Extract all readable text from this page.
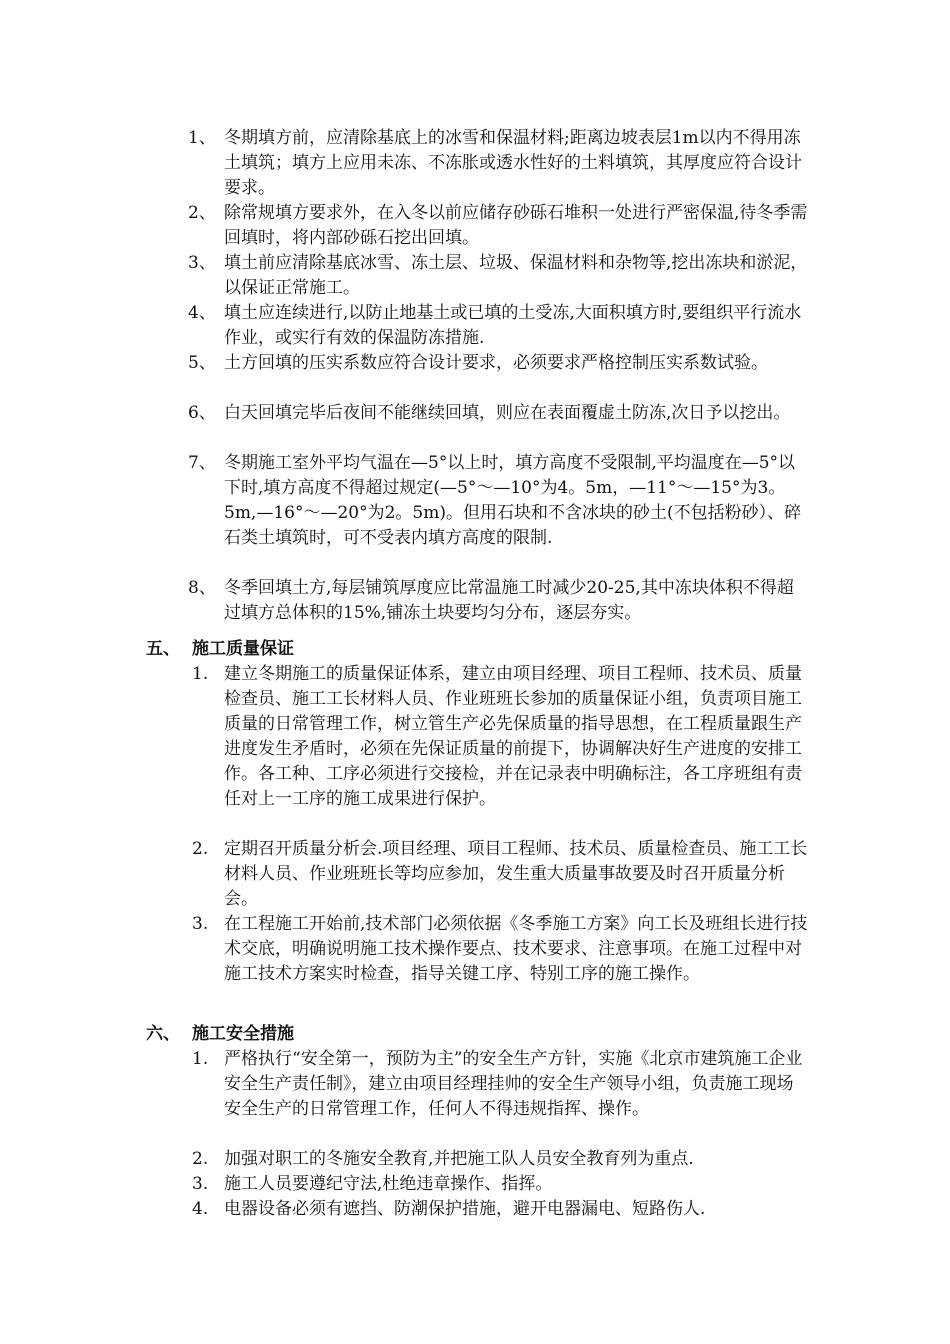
1、 冬期填方前，应清除基底上的冰雪和保温材料;距离边坡表层1m以内不得用冻土填筑；填方上应用未冻、不冻胀或透水性好的土料填筑，其厚度应符合设计要求。
2、 除常规填方要求外，在入冬以前应储存砂砾石堆积一处进行严密保温,待冬季需回填时，将内部砂砾石挖出回填。
3、 填土前应清除基底冰雪、冻土层、垃圾、保温材料和杂物等,挖出冻块和淤泥，以保证正常施工。
4、 填土应连续进行,以防止地基土或已填的土受冻,大面积填方时,要组织平行流水作业，或实行有效的保温防冻措施.
5、 土方回填的压实系数应符合设计要求，必须要求严格控制压实系数试验。
6、 白天回填完毕后夜间不能继续回填，则应在表面覆虚土防冻,次日予以挖出。
7、 冬期施工室外平均气温在—5°以上时，填方高度不受限制,平均温度在—5°以下时,填方高度不得超过规定(—5°～—10°为4。5m，—11°～—15°为3。5m,—16°～—20°为2。5m)。但用石块和不含冰块的砂土(不包括粉砂）、碎石类土填筑时，可不受表内填方高度的限制.
8、 冬季回填土方,每层铺筑厚度应比常温施工时减少20-25,其中冻块体积不得超过填方总体积的15%,铺冻土块要均匀分布，逐层夯实。
五、 施工质量保证
1. 建立冬期施工的质量保证体系，建立由项目经理、项目工程师、技术员、质量检查员、施工工长材料人员、作业班班长参加的质量保证小组，负责项目施工质量的日常管理工作，树立管生产必先保质量的指导思想，在工程质量跟生产进度发生矛盾时，必须在先保证质量的前提下，协调解决好生产进度的安排工作。各工种、工序必须进行交接检，并在记录表中明确标注，各工序班组有责任对上一工序的施工成果进行保护。
2. 定期召开质量分析会.项目经理、项目工程师、技术员、质量检查员、施工工长材料人员、作业班班长等均应参加，发生重大质量事故要及时召开质量分析会。
3. 在工程施工开始前,技术部门必须依据《冬季施工方案》向工长及班组长进行技术交底，明确说明施工技术操作要点、技术要求、注意事项。在施工过程中对施工技术方案实时检查，指导关键工序、特别工序的施工操作。
六、 施工安全措施
1. 严格执行“安全第一，预防为主”的安全生产方针，实施《北京市建筑施工企业安全生产责任制》，建立由项目经理挂帅的安全生产领导小组，负责施工现场安全生产的日常管理工作，任何人不得违规指挥、操作。
2. 加强对职工的冬施安全教育,并把施工队人员安全教育列为重点.
3. 施工人员要遵纪守法,杜绝违章操作、指挥。
4. 电器设备必须有遮挡、防潮保护措施，避开电器漏电、短路伤人.
